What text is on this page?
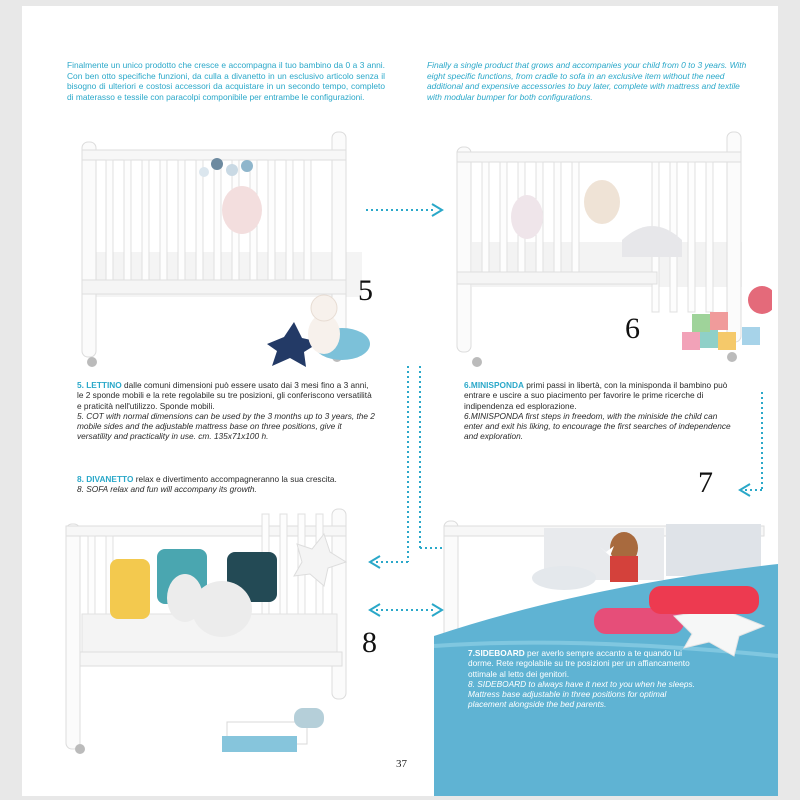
Finalmente un unico prodotto che cresce e accompagna il tuo bambino da 0 a 3 anni. Con ben otto specifiche funzioni, da culla a divanetto in un esclusivo articolo senza il bisogno di ulteriori e costosi accessori da acquistare in un secondo tempo, completo di materasso e tessile con paracolpi componibile per entrambe le configurazioni.
Finally a single product that grows and accompanies your child from 0 to 3 years. With eight specific functions, from cradle to sofa in an exclusive item without the need additional and expensive accessories to buy later, complete with mattress and textile with modular bumper for both configurations.
5
6
5. LETTINO dalle comuni dimensioni può essere usato dai 3 mesi fino a 3 anni, le 2 sponde mobili e la rete regolabile su tre posizioni, gli conferiscono versatilità e praticità nell'utilizzo. Sponde mobili.
5. COT with normal dimensions can be used by the 3 months up to 3 years, the 2 mobile sides and the adjustable mattress base on three positions, give it versatility and practicality in use. cm. 135x71x100 h.
6.MINISPONDA primi passi in libertà, con la minisponda il bambino può entrare e uscire a suo piacimento per favorire le prime ricerche di indipendenza ed esplorazione.
6.MINISPONDA first steps in freedom, with the miniside the child can enter and exit his liking, to encourage the first searches of independence and exploration.
8. DIVANETTO relax e divertimento accompagneranno la sua crescita.
8. SOFA relax and fun will accompany its growth.	7
8	7.SIDEBOARD per averlo sempre accanto a te quando lui dorme. Rete regolabile su tre posizioni per un affiancamento ottimale al letto dei genitori.
8. SIDEBOARD to always have it next to you when he sleeps. Mattress base adjustable in three positions for optimal placement alongside the bed parents.
37
